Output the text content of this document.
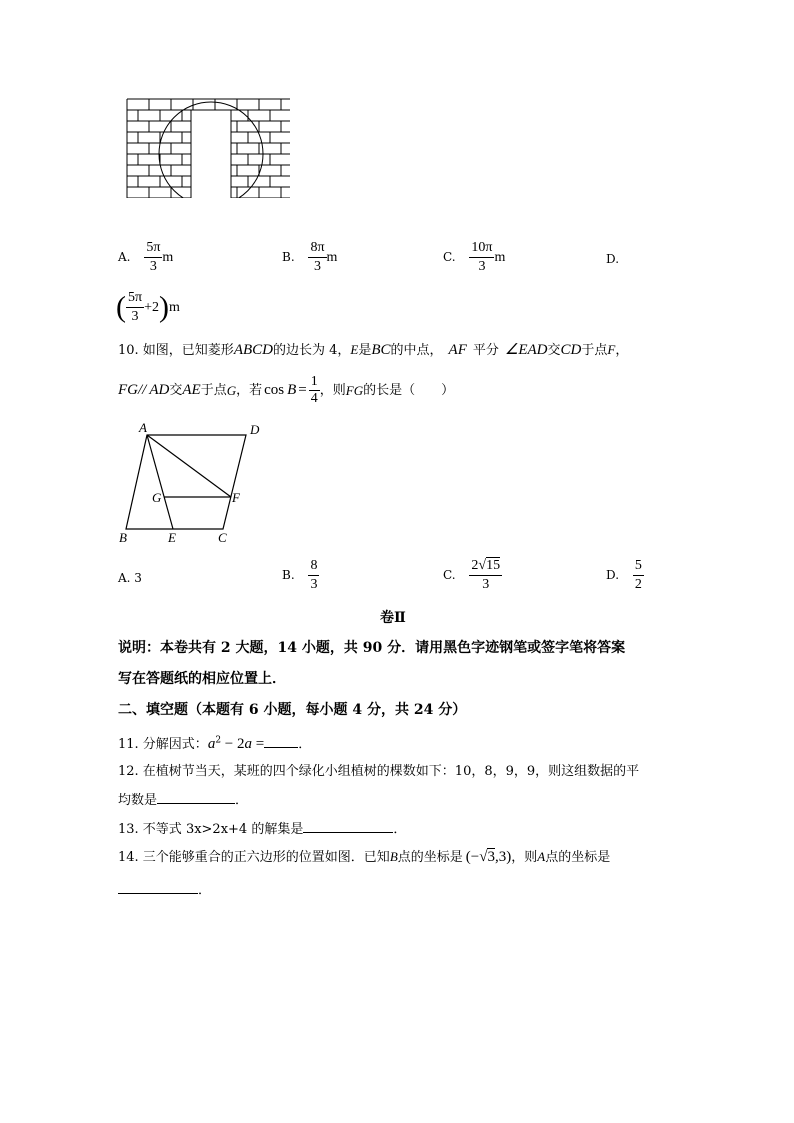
A. $\frac{5\pi}{3}$ m	B. $\frac{8\pi}{3}$ m	C. $\frac{10\pi}{3}$ m	D.
( $\frac{5\pi}{3} +2)m$
10. 如图，已知菱形ABCD的边长为 4，E是BC的中点， AF 平分 ∠EAD交CD于点F，
FG // AD 交 AE 于点 G ，若 $\cos B = \frac{1}{4}$ ，则 FG 的长是（　　）
A	D
G	F
B	E	C
A. 3	B. $\frac{8}{3}$	C. $\frac{2√15}{3}$	D. $\frac{5}{2}$
卷Ⅱ
说明：本卷共有 2 大题，14 小题，共 90 分．请用黑色字迹钢笔或签字笔将答案
写在答题纸的相应位置上．
二、填空题（本题有 6 小题，每小题 4 分，共 24 分）
11. 分解因式：$a^2 - 2a$ =	．
12. 在植树节当天，某班的四个绿化小组植树的棵数如下：10，8，9，9，则这组数据的平
均数是	．
13. 不等式 3x>2x+4 的解集是	．
14. 三个能够重合的正六边形的位置如图．已知B点的坐标是 (−√3,3)，则A点的坐标是
．
